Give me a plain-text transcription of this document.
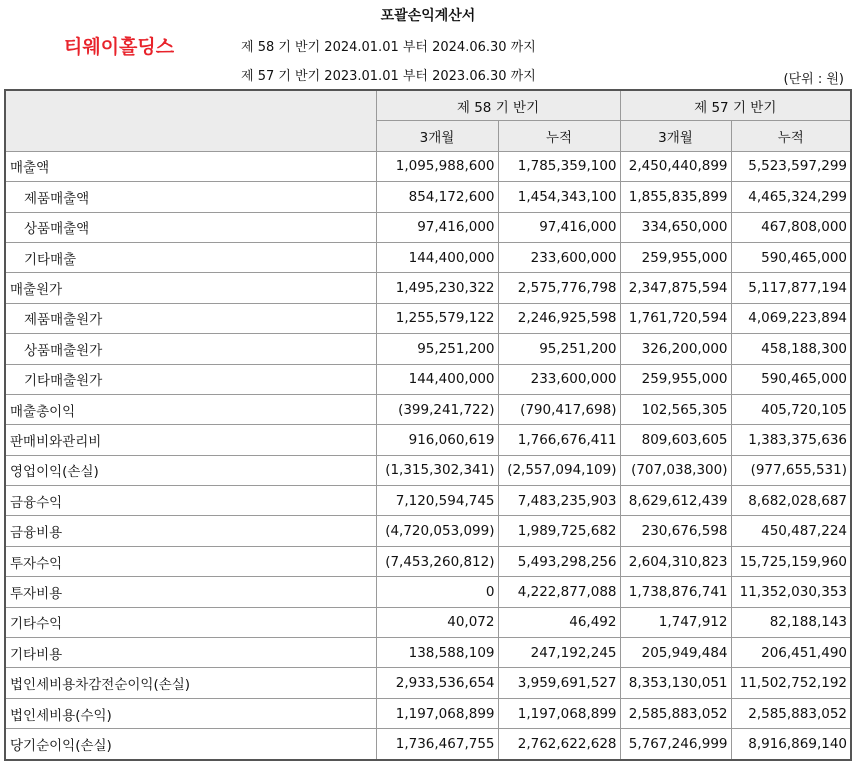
포괄손익계산서
티웨이홀딩스	제 58 기 반기 2024.01.01 부터 2024.06.30 까지
제 57 기 반기 2023.01.01 부터 2023.06.30 까지	(단위 : 원)
	제 58 기 반기		제 57 기 반기	
	3개월	누적	3개월	누적
매출액	1,095,988,600	1,785,359,100	2,450,440,899	5,523,597,299
제품매출액	854,172,600	1,454,343,100	1,855,835,899	4,465,324,299
상품매출액	97,416,000	97,416,000	334,650,000	467,808,000
기타매출	144,400,000	233,600,000	259,955,000	590,465,000
매출원가	1,495,230,322	2,575,776,798	2,347,875,594	5,117,877,194
제품매출원가	1,255,579,122	2,246,925,598	1,761,720,594	4,069,223,894
상품매출원가	95,251,200	95,251,200	326,200,000	458,188,300
기타매출원가	144,400,000	233,600,000	259,955,000	590,465,000
매출총이익	(399,241,722)	(790,417,698)	102,565,305	405,720,105
판매비와관리비	916,060,619	1,766,676,411	809,603,605	1,383,375,636
영업이익(손실)	(1,315,302,341)	(2,557,094,109)	(707,038,300)	(977,655,531)
금융수익	7,120,594,745	7,483,235,903	8,629,612,439	8,682,028,687
금융비용	(4,720,053,099)	1,989,725,682	230,676,598	450,487,224
투자수익	(7,453,260,812)	5,493,298,256	2,604,310,823	15,725,159,960
투자비용	0	4,222,877,088	1,738,876,741	11,352,030,353
기타수익	40,072	46,492	1,747,912	82,188,143
기타비용	138,588,109	247,192,245	205,949,484	206,451,490
법인세비용차감전순이익(손실)	2,933,536,654	3,959,691,527	8,353,130,051	11,502,752,192
법인세비용(수익)	1,197,068,899	1,197,068,899	2,585,883,052	2,585,883,052
당기순이익(손실)	1,736,467,755	2,762,622,628	5,767,246,999	8,916,869,140
